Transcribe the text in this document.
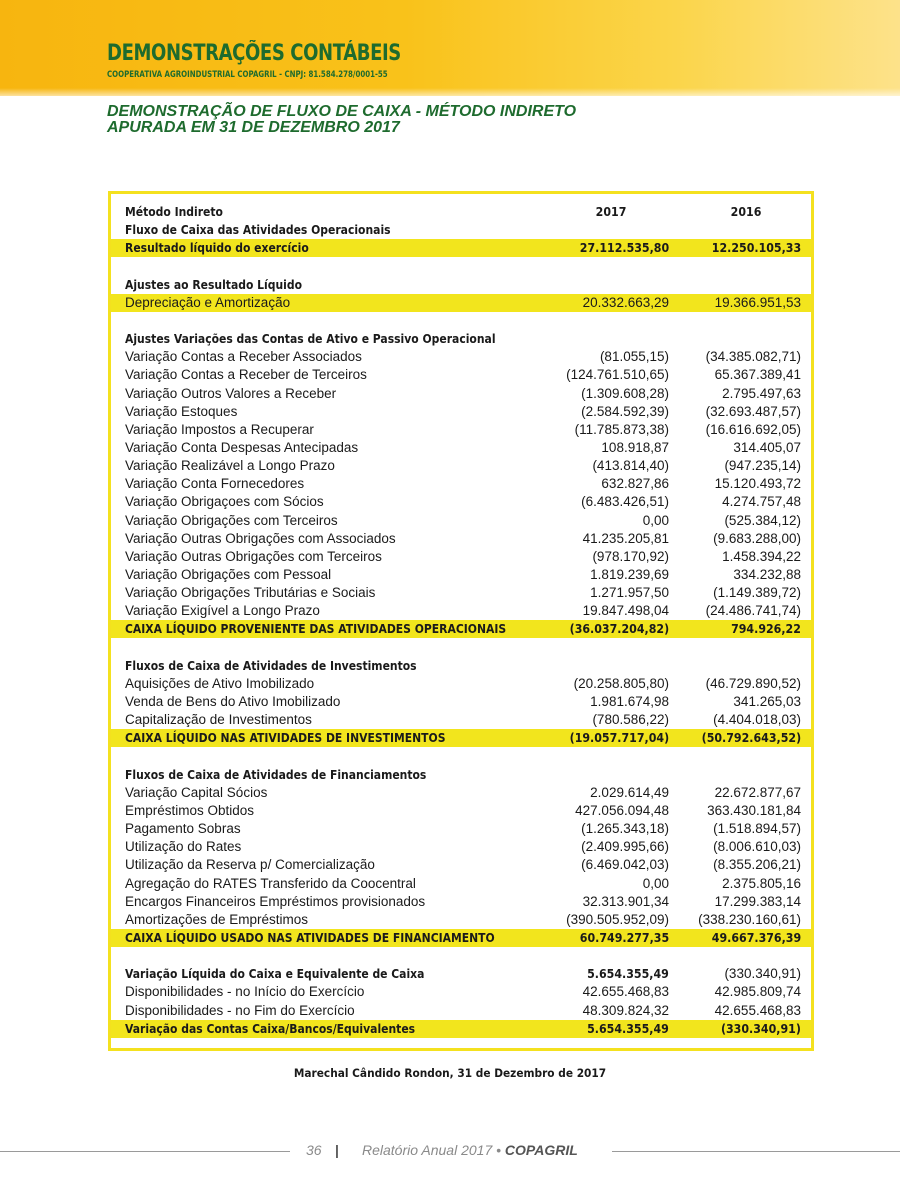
DEMONSTRAÇÕES CONTÁBEIS
COOPERATIVA AGROINDUSTRIAL COPAGRIL - CNPJ: 81.584.278/0001-55
DEMONSTRAÇÃO DE FLUXO DE CAIXA - MÉTODO INDIRETO
APURADA EM 31 DE DEZEMBRO 2017
Método Indireto	2017	2016
Fluxo de Caixa das Atividades Operacionais
Resultado líquido do exercício	27.112.535,80	12.250.105,33
Ajustes ao Resultado Líquido
Depreciação e Amortização	20.332.663,29	19.366.951,53
Ajustes Variações das Contas de Ativo e Passivo Operacional
Variação Contas a Receber Associados	(81.055,15)	(34.385.082,71)
Variação Contas a Receber de Terceiros	(124.761.510,65)	65.367.389,41
Variação Outros Valores a Receber	(1.309.608,28)	2.795.497,63
Variação Estoques	(2.584.592,39)	(32.693.487,57)
Variação Impostos a Recuperar	(11.785.873,38)	(16.616.692,05)
Variação Conta Despesas Antecipadas	108.918,87	314.405,07
Variação Realizável a Longo Prazo	(413.814,40)	(947.235,14)
Variação Conta Fornecedores	632.827,86	15.120.493,72
Variação Obrigaçoes com Sócios	(6.483.426,51)	4.274.757,48
Variação Obrigações com Terceiros	0,00	(525.384,12)
Variação Outras Obrigações com Associados	41.235.205,81	(9.683.288,00)
Variação Outras Obrigações com Terceiros	(978.170,92)	1.458.394,22
Variação Obrigações com Pessoal	1.819.239,69	334.232,88
Variação Obrigações Tributárias e Sociais	1.271.957,50	(1.149.389,72)
Variação Exigível a Longo Prazo	19.847.498,04	(24.486.741,74)
CAIXA LÍQUIDO PROVENIENTE DAS ATIVIDADES OPERACIONAIS	(36.037.204,82)	794.926,22
Fluxos de Caixa de Atividades de Investimentos
Aquisições de Ativo Imobilizado	(20.258.805,80)	(46.729.890,52)
Venda de Bens do Ativo Imobilizado	1.981.674,98	341.265,03
Capitalização de Investimentos	(780.586,22)	(4.404.018,03)
CAIXA LÍQUIDO NAS ATIVIDADES DE INVESTIMENTOS	(19.057.717,04)	(50.792.643,52)
Fluxos de Caixa de Atividades de Financiamentos
Variação Capital Sócios	2.029.614,49	22.672.877,67
Empréstimos Obtidos	427.056.094,48	363.430.181,84
Pagamento Sobras	(1.265.343,18)	(1.518.894,57)
Utilização do Rates	(2.409.995,66)	(8.006.610,03)
Utilização da Reserva p/ Comercialização	(6.469.042,03)	(8.355.206,21)
Agregação do RATES Transferido da Coocentral	0,00	2.375.805,16
Encargos Financeiros Empréstimos provisionados	32.313.901,34	17.299.383,14
Amortizações de Empréstimos	(390.505.952,09) (338.230.160,61)
CAIXA LÍQUIDO USADO NAS ATIVIDADES DE FINANCIAMENTO	60.749.277,35	49.667.376,39
Variação Líquida do Caixa e Equivalente de Caixa	5.654.355,49	(330.340,91)
Disponibilidades - no Início do Exercício	42.655.468,83	42.985.809,74
Disponibilidades - no Fim do Exercício	48.309.824,32	42.655.468,83
Variação das Contas Caixa/Bancos/Equivalentes	5.654.355,49	(330.340,91)
Marechal Cândido Rondon, 31 de Dezembro de 2017
36 | Relatório Anual 2017 • COPAGRIL
